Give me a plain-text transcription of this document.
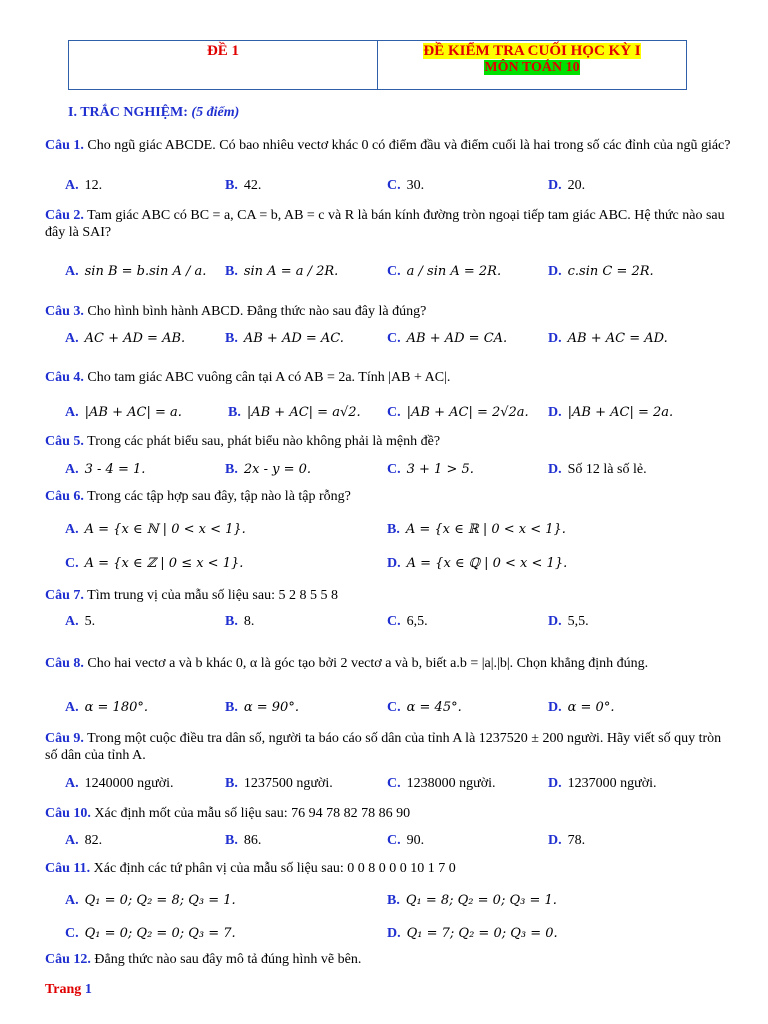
ĐỀ 1	ĐỀ KIỂM TRA CUỐI HỌC KỲ I
MÔN TOÁN 10
I. TRẮC NGHIỆM: (5 điểm)
Câu 1. Cho ngũ giác ABCDE. Có bao nhiêu vectơ khác 0 có điểm đầu và điểm cuối là hai trong số các đỉnh của ngũ giác?
A. 12.	B. 42.	C. 30.	D. 20.
Câu 2. Tam giác ABC có BC = a, CA = b, AB = c và R là bán kính đường tròn ngoại tiếp tam giác ABC. Hệ thức nào sau đây là SAI?
A. sin B = b.sin A / a. B. sin A = a / 2R.	C. a / sin A = 2R.	D. c.sin C = 2R.
Câu 3. Cho hình bình hành ABCD. Đẳng thức nào sau đây là đúng?
A. AC + AD = AB.	B. AB + AD = AC.	C. AB + AD = CA.	D. AB + AC = AD.
Câu 4. Cho tam giác ABC vuông cân tại A có AB = 2a. Tính |AB + AC|.
A. |AB + AC| = a.	B. |AB + AC| = a√2. C. |AB + AC| = 2√2a. D. |AB + AC| = 2a.
Câu 5. Trong các phát biểu sau, phát biểu nào không phải là mệnh đề?
A. 3 - 4 = 1.	B. 2x - y = 0.	C. 3 + 1 > 5.	D. Số 12 là số lẻ.
Câu 6. Trong các tập hợp sau đây, tập nào là tập rỗng?
A. A = {x ∈ ℕ | 0 < x < 1}.	B. A = {x ∈ ℝ | 0 < x < 1}.
C. A = {x ∈ ℤ | 0 ≤ x < 1}.	D. A = {x ∈ ℚ | 0 < x < 1}.
Câu 7. Tìm trung vị của mẫu số liệu sau: 5 2 8 5 5 8
A. 5.	B. 8.	C. 6,5.	D. 5,5.
Câu 8. Cho hai vectơ a và b khác 0, α là góc tạo bởi 2 vectơ a và b, biết a.b = |a|.|b|. Chọn khẳng định đúng.
A. α = 180°.	B. α = 90°.	C. α = 45°.	D. α = 0°.
Câu 9. Trong một cuộc điều tra dân số, người ta báo cáo số dân của tỉnh A là 1237520 ± 200 người. Hãy viết số quy tròn số dân của tỉnh A.
A. 1240000 người.	B. 1237500 người.	C. 1238000 người.	D. 1237000 người.
Câu 10. Xác định mốt của mẫu số liệu sau: 76 94 78 82 78 86 90
A. 82.	B. 86.	C. 90.	D. 78.
Câu 11. Xác định các tứ phân vị của mẫu số liệu sau: 0 0 8 0 0 0 10 1 7 0
A. Q₁ = 0; Q₂ = 8; Q₃ = 1.	B. Q₁ = 8; Q₂ = 0; Q₃ = 1.
C. Q₁ = 0; Q₂ = 0; Q₃ = 7.	D. Q₁ = 7; Q₂ = 0; Q₃ = 0.
Câu 12. Đẳng thức nào sau đây mô tả đúng hình vẽ bên.
Trang 1
